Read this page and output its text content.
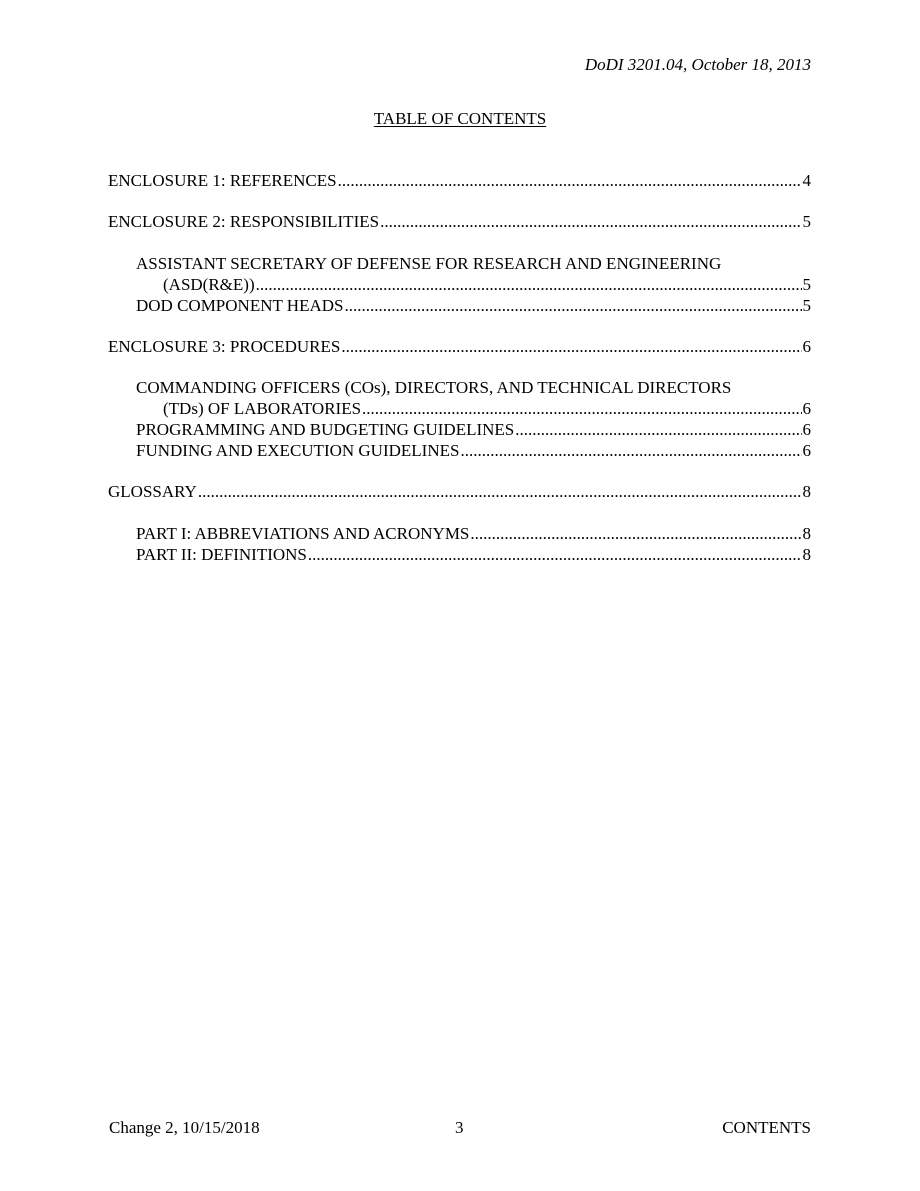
DoDI 3201.04, October 18, 2013
TABLE OF CONTENTS
ENCLOSURE 1: REFERENCES .....	4
ENCLOSURE 2: RESPONSIBILITIES .....	5
ASSISTANT SECRETARY OF DEFENSE FOR RESEARCH AND ENGINEERING
(ASD(R&E)) .....	5
DOD COMPONENT HEADS .....	5
ENCLOSURE 3: PROCEDURES .....	6
COMMANDING OFFICERS (COs), DIRECTORS, AND TECHNICAL DIRECTORS
(TDs) OF LABORATORIES .....	6
PROGRAMMING AND BUDGETING GUIDELINES .....	6
FUNDING AND EXECUTION GUIDELINES .....	6
GLOSSARY .....	8
PART I: ABBREVIATIONS AND ACRONYMS .....	8
PART II: DEFINITIONS .....	8
Change 2, 10/15/2018	3	CONTENTS
